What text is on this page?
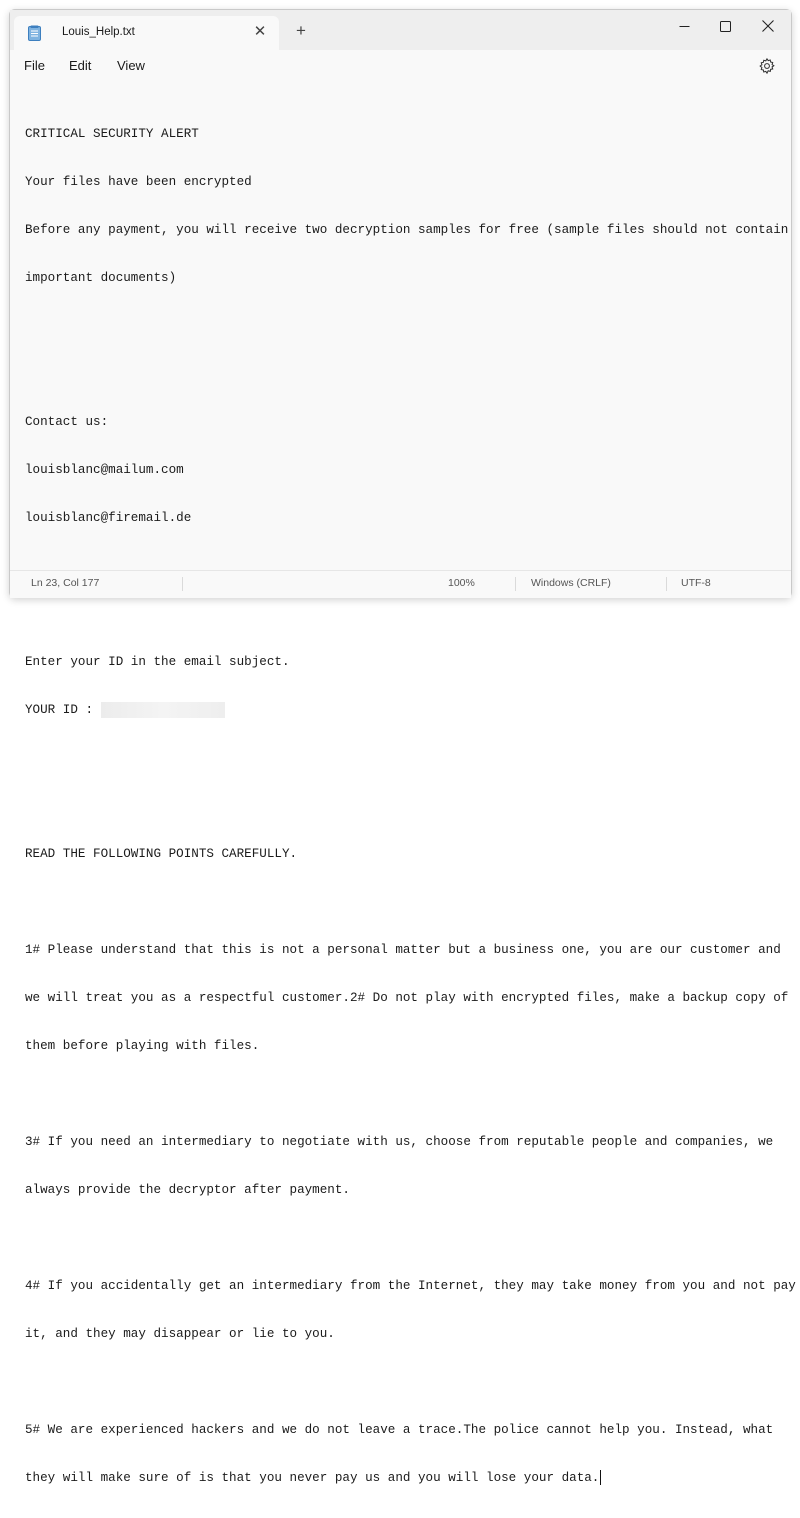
Louis_Help.txt	✕ +
File	Edit	View

CRITICAL SECURITY ALERT

Your files have been encrypted

Before any payment, you will receive two decryption samples for free (sample files should not contain

important documents)

Contact us:

louisblanc@mailum.com

louisblanc@firemail.de

Enter your ID in the email subject.

YOUR ID :

READ THE FOLLOWING POINTS CAREFULLY.

1# Please understand that this is not a personal matter but a business one, you are our customer and

we will treat you as a respectful customer.2# Do not play with encrypted files, make a backup copy of

them before playing with files.

3# If you need an intermediary to negotiate with us, choose from reputable people and companies, we

always provide the decryptor after payment.

4# If you accidentally get an intermediary from the Internet, they may take money from you and not pay

it, and they may disappear or lie to you.

5# We are experienced hackers and we do not leave a trace.The police cannot help you. Instead, what

they will make sure of is that you never pay us and you will lose your data.

Ln 23, Col 177	100%	Windows (CRLF)	UTF-8
